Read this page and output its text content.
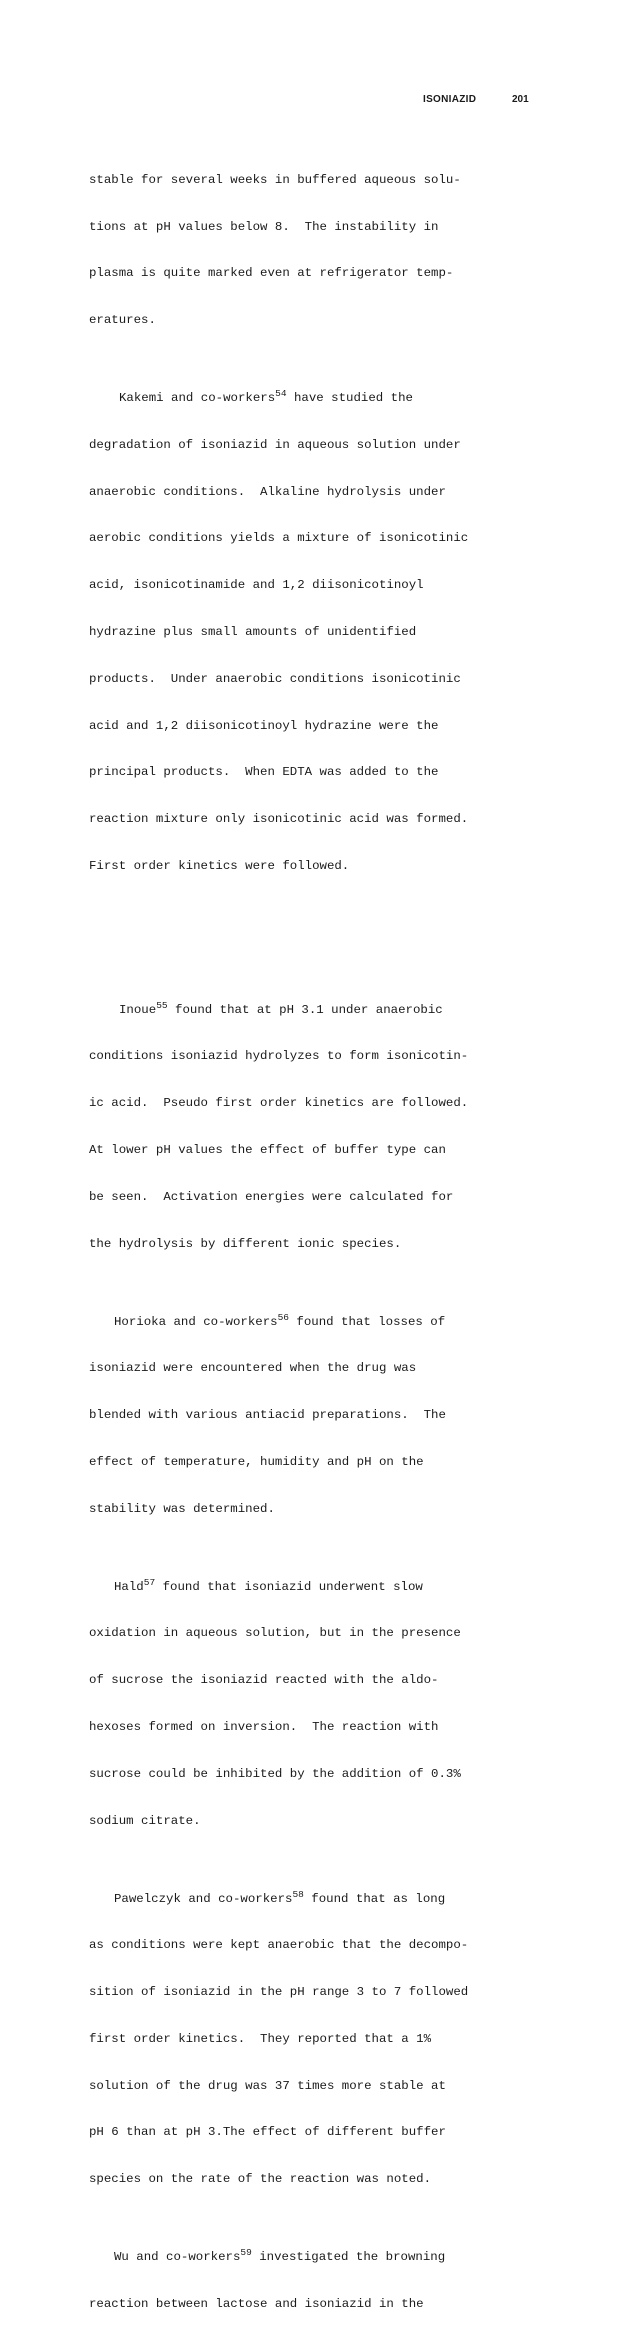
ISONIAZID	201

stable for several weeks in buffered aqueous solu-

tions at pH values below 8.  The instability in

plasma is quite marked even at refrigerator temp-

eratures.

Kakemi and co-workers$^{54}$ have studied the

degradation of isoniazid in aqueous solution under

anaerobic conditions.  Alkaline hydrolysis under

aerobic conditions yields a mixture of isonicotinic

acid, isonicotinamide and 1,2 diisonicotinoyl

hydrazine plus small amounts of unidentified

products.  Under anaerobic conditions isonicotinic

acid and 1,2 diisonicotinoyl hydrazine were the

principal products.  When EDTA was added to the

reaction mixture only isonicotinic acid was formed.

First order kinetics were followed.

Inoue$^{55}$ found that at pH 3.1 under anaerobic

conditions isoniazid hydrolyzes to form isonicotin-

ic acid.  Pseudo first order kinetics are followed.

At lower pH values the effect of buffer type can

be seen.  Activation energies were calculated for

the hydrolysis by different ionic species.

Horioka and co-workers$^{56}$ found that losses of

isoniazid were encountered when the drug was

blended with various antiacid preparations.  The

effect of temperature, humidity and pH on the

stability was determined.

Hald$^{57}$ found that isoniazid underwent slow

oxidation in aqueous solution, but in the presence

of sucrose the isoniazid reacted with the aldo-

hexoses formed on inversion.  The reaction with

sucrose could be inhibited by the addition of 0.3%

sodium citrate.

Pawelczyk and co-workers$^{58}$ found that as long

as conditions were kept anaerobic that the decompo-

sition of isoniazid in the pH range 3 to 7 followed

first order kinetics.  They reported that a 1%

solution of the drug was 37 times more stable at

pH 6 than at pH 3.The effect of different buffer

species on the rate of the reaction was noted.

Wu and co-workers$^{59}$ investigated the browning

reaction between lactose and isoniazid in the
